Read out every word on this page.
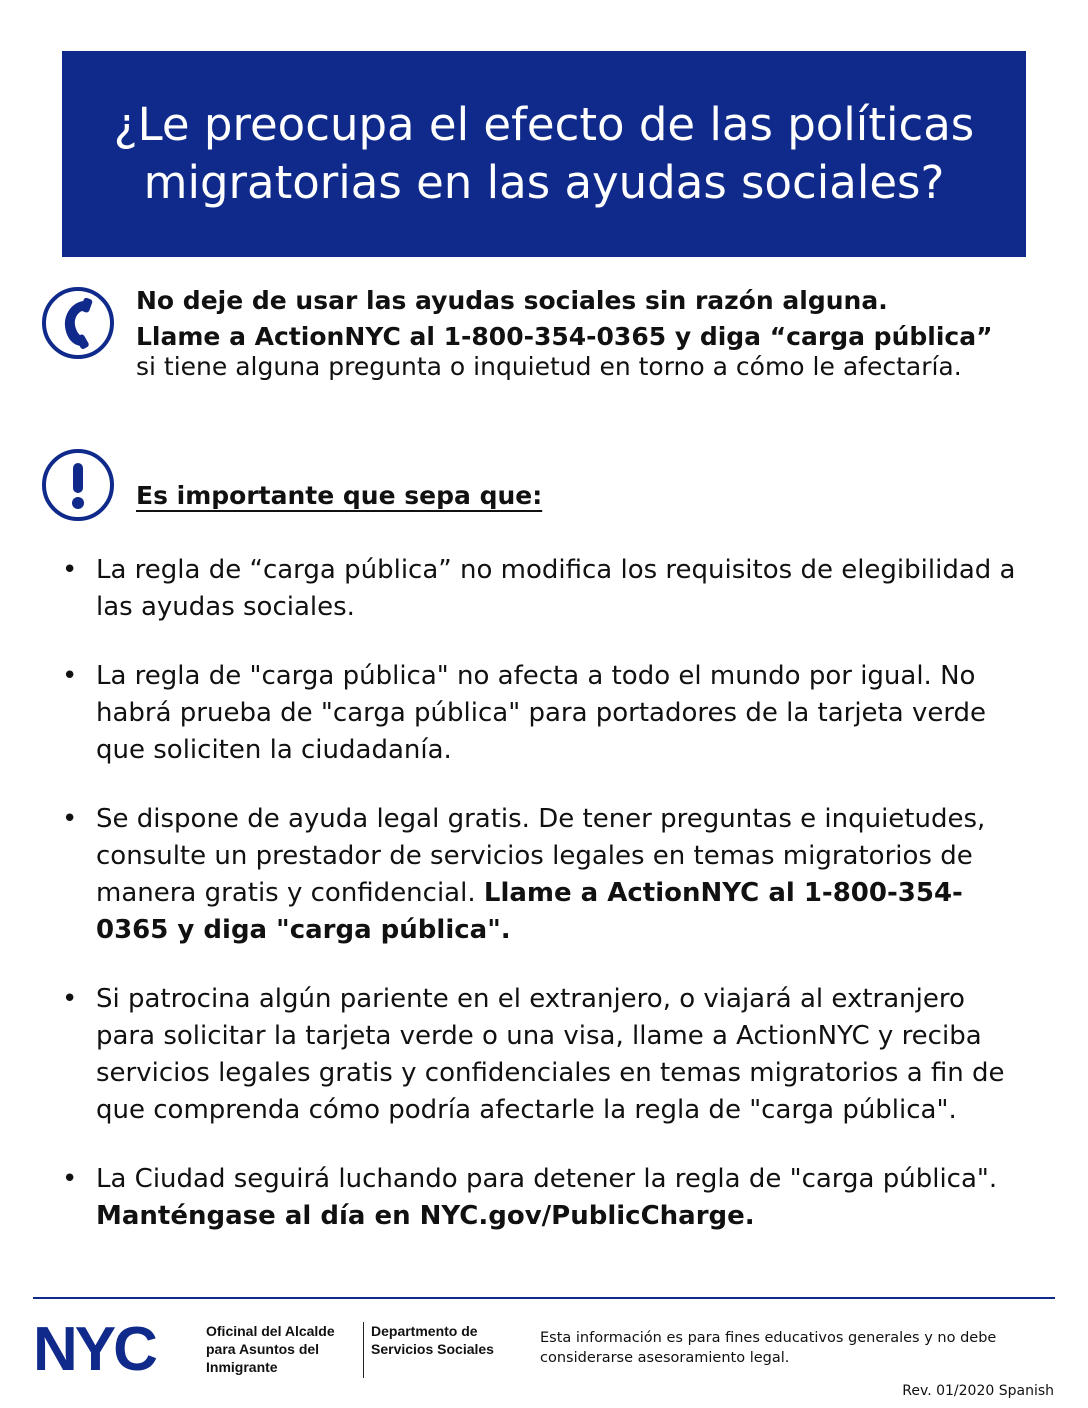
¿Le preocupa el efecto de las políticas migratorias en las ayudas sociales?

No deje de usar las ayudas sociales sin razón alguna.

Llame a ActionNYC al 1-800-354-0365 y diga “carga pública” si tiene alguna pregunta o inquietud en torno a cómo le afectaría.

Es importante que sepa que:
• La regla de “carga pública” no modifica los requisitos de elegibilidad a las ayudas sociales.
• La regla de "carga pública" no afecta a todo el mundo por igual. No habrá prueba de "carga pública" para portadores de la tarjeta verde que soliciten la ciudadanía.
• Se dispone de ayuda legal gratis. De tener preguntas e inquietudes, consulte un prestador de servicios legales en temas migratorios de manera gratis y confidencial. Llame a ActionNYC al 1-800-354-0365 y diga "carga pública".
• Si patrocina algún pariente en el extranjero, o viajará al extranjero para solicitar la tarjeta verde o una visa, llame a ActionNYC y reciba servicios legales gratis y confidenciales en temas migratorios a fin de que comprenda cómo podría afectarle la regla de "carga pública".
• La Ciudad seguirá luchando para detener la regla de "carga pública". Manténgase al día en NYC.gov/PublicCharge.
NYC	Oficinal del Alcalde para Asuntos del Inmigrante
Departmento de Servicios Sociales
Esta información es para fines educativos generales y no debe considerarse asesoramiento legal.
Rev. 01/2020 Spanish
